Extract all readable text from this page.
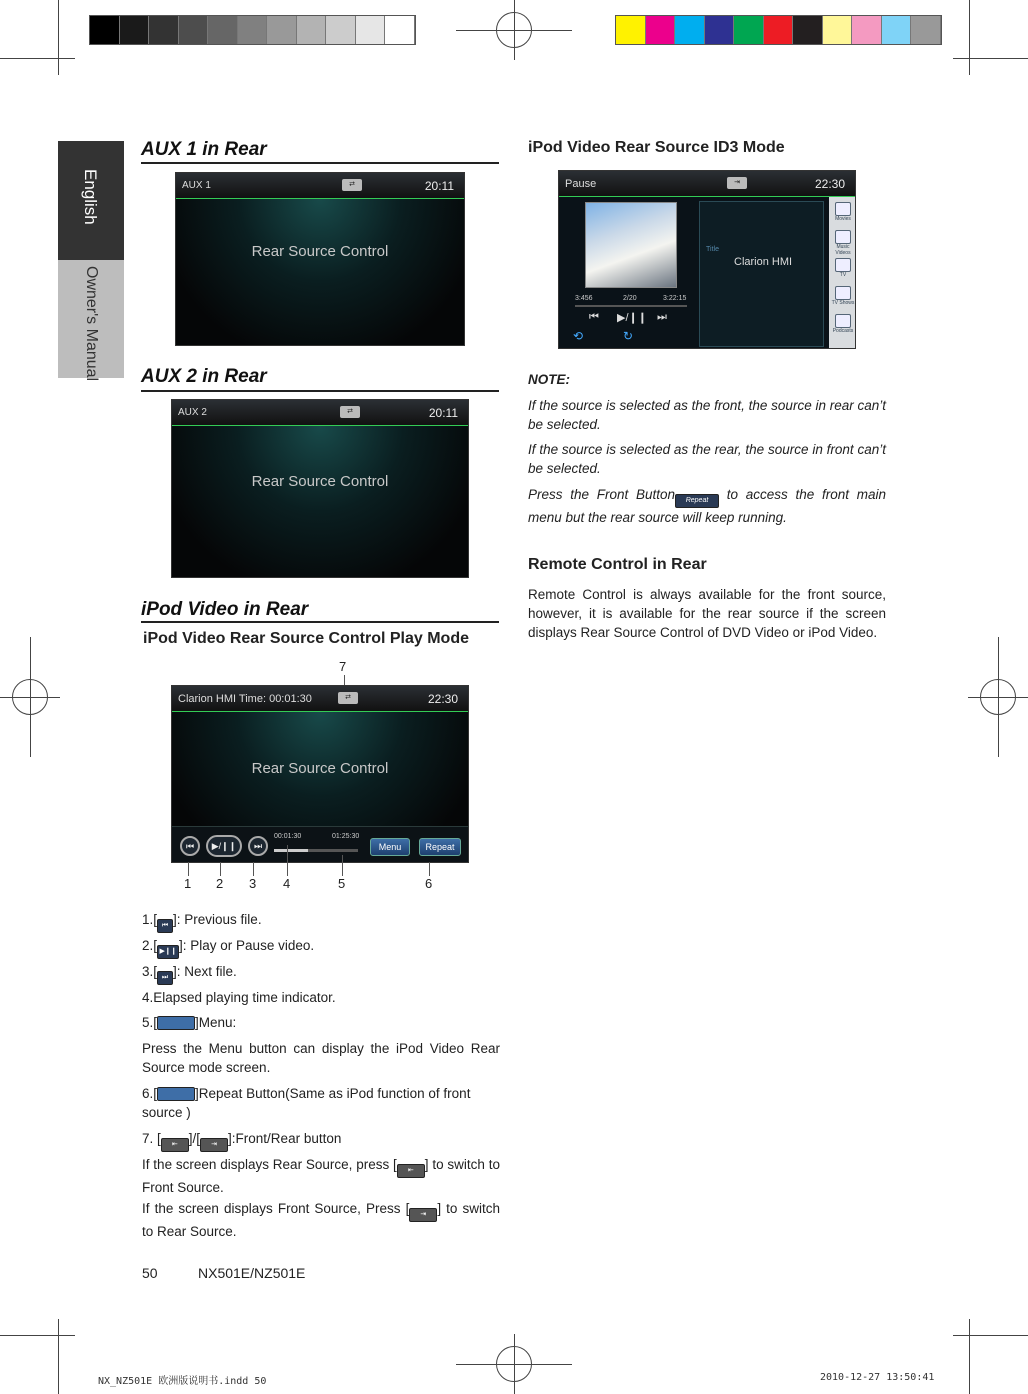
English
Owner's Manual
AUX 1 in Rear
AUX 1	⇄	20:11
Rear Source Control
AUX 2 in Rear
AUX 2	⇄	20:11
Rear Source Control
iPod Video in Rear
iPod Video Rear Source Control Play Mode
7
Clarion HMI Time: 00:01:30	⇄	22:30
Rear Source Control
⏮	▶/❙❙	⏭
00:01:30	01:25:30
Menu	Repeat
1 2 3 4	5	6
1.[ ⏮ ]: Previous file.
2.[ ▶❙❙ ]: Play or Pause video.
3.[ ⏭ ]: Next file.
4.Elapsed playing time indicator.
5.[	]Menu:
Press the Menu button can display the iPod Video Rear Source mode screen.
6.[	]Repeat Button(Same as iPod function of front source )
7. [ ⇤ ]/[ ⇥ ]:Front/Rear button
If the screen displays Rear Source, press [ ⇤ ] to switch to Front Source.
If the screen displays Front Source, Press [ ⇥ ] to switch to Rear Source.
50	NX501E/NZ501E
iPod Video Rear Source ID3 Mode
Pause	⇥	22:30
Title
Clarion HMI
3:456	2/20	3:22:15
⏮ ▶/❙❙ ⏭
⟲	↻
Movies
Music Videos
TV
TV Shows
Podcasts
NOTE:
If the source is selected as the front, the source in rear can’t be selected.
If the source is selected as the rear, the source in front can’t be selected.
Press the Front Button Repeat to access the front main menu but the rear source will keep running.
Remote Control in Rear
Remote Control is always available for the front source, however, it is available for the rear source if the screen displays Rear Source Control of DVD Video or iPod Video.
NX_NZ501E 欧洲版说明书.indd 50	2010-12-27 13:50:41
